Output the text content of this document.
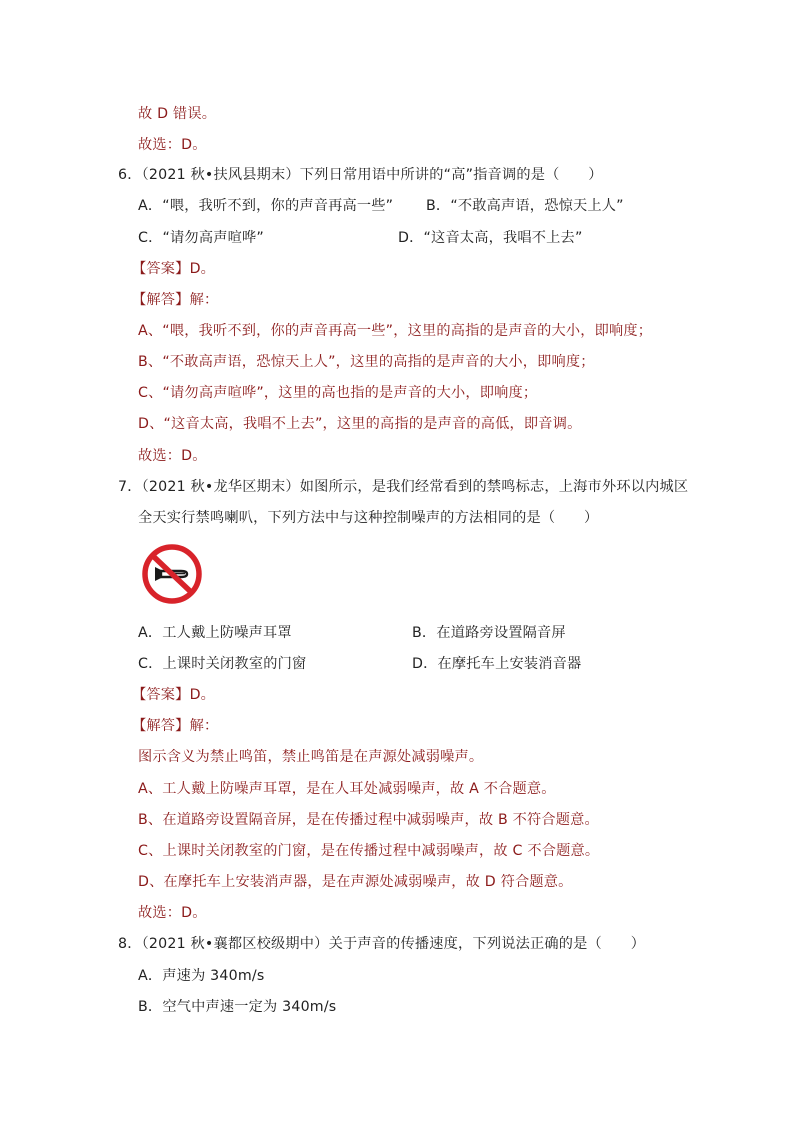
故 D 错误。
故选：D。
6．（2021 秋•扶风县期末）下列日常用语中所讲的“高”指音调的是（　　）
A．“喂，我听不到，你的声音再高一些” B．“不敢高声语，恐惊天上人”
C．“请勿高声喧哗”	D．“这音太高，我唱不上去”
【答案】D。
【解答】解：
A、“喂，我听不到，你的声音再高一些”，这里的高指的是声音的大小，即响度；
B、“不敢高声语，恐惊天上人”，这里的高指的是声音的大小，即响度；
C、“请勿高声喧哗”，这里的高也指的是声音的大小，即响度；
D、“这音太高，我唱不上去”，这里的高指的是声音的高低，即音调。
故选：D。
7．（2021 秋•龙华区期末）如图所示，是我们经常看到的禁鸣标志，上海市外环以内城区
全天实行禁鸣喇叭，下列方法中与这种控制噪声的方法相同的是（　　）
A．工人戴上防噪声耳罩	B．在道路旁设置隔音屏
C．上课时关闭教室的门窗	D．在摩托车上安装消音器
【答案】D。
【解答】解：
图示含义为禁止鸣笛，禁止鸣笛是在声源处减弱噪声。
A、工人戴上防噪声耳罩，是在人耳处减弱噪声，故 A 不合题意。
B、在道路旁设置隔音屏，是在传播过程中减弱噪声，故 B 不符合题意。
C、上课时关闭教室的门窗，是在传播过程中减弱噪声，故 C 不合题意。
D、在摩托车上安装消声器，是在声源处减弱噪声，故 D 符合题意。
故选：D。
8．（2021 秋•襄都区校级期中）关于声音的传播速度，下列说法正确的是（　　）
A．声速为 340m/s
B．空气中声速一定为 340m/s
